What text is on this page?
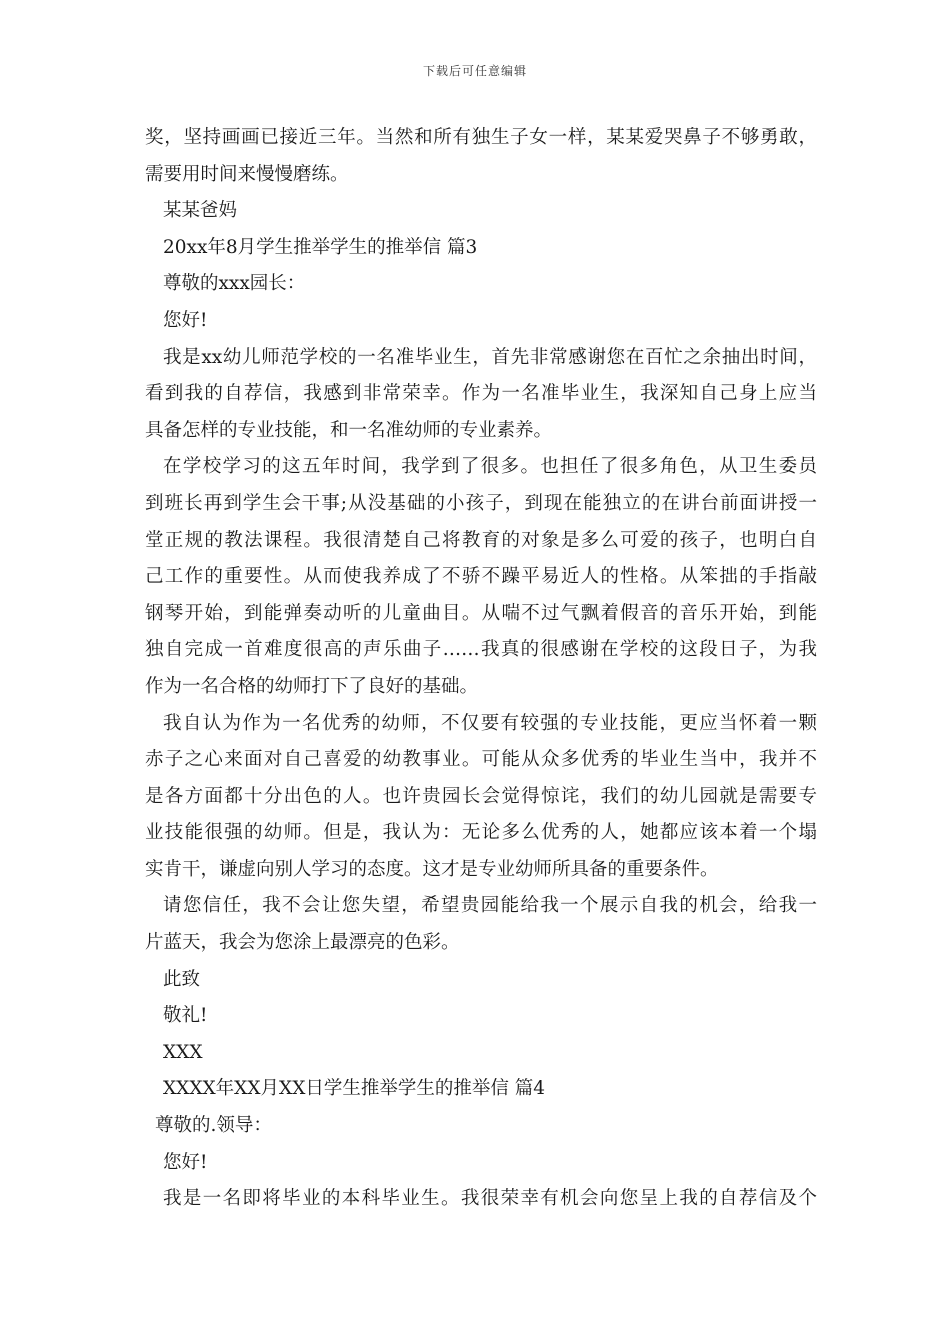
下载后可任意编辑
奖，坚持画画已接近三年。当然和所有独生子女一样，某某爱哭鼻子不够勇敢，
需要用时间来慢慢磨练。
某某爸妈
20xx年8月学生推举学生的推举信 篇3
尊敬的xxx园长：
您好!
我是xx幼儿师范学校的一名准毕业生，首先非常感谢您在百忙之余抽出时间，
看到我的自荐信，我感到非常荣幸。作为一名准毕业生，我深知自己身上应当
具备怎样的专业技能，和一名准幼师的专业素养。
在学校学习的这五年时间，我学到了很多。也担任了很多角色，从卫生委员
到班长再到学生会干事;从没基础的小孩子，到现在能独立的在讲台前面讲授一
堂正规的教法课程。我很清楚自己将教育的对象是多么可爱的孩子，也明白自
己工作的重要性。从而使我养成了不骄不躁平易近人的性格。从笨拙的手指敲
钢琴开始，到能弹奏动听的儿童曲目。从喘不过气飘着假音的音乐开始，到能
独自完成一首难度很高的声乐曲子……我真的很感谢在学校的这段日子，为我
作为一名合格的幼师打下了良好的基础。
我自认为作为一名优秀的幼师，不仅要有较强的专业技能，更应当怀着一颗
赤子之心来面对自己喜爱的幼教事业。可能从众多优秀的毕业生当中，我并不
是各方面都十分出色的人。也许贵园长会觉得惊诧，我们的幼儿园就是需要专
业技能很强的幼师。但是，我认为：无论多么优秀的人，她都应该本着一个塌
实肯干，谦虚向别人学习的态度。这才是专业幼师所具备的重要条件。
请您信任，我不会让您失望，希望贵园能给我一个展示自我的机会，给我一
片蓝天，我会为您涂上最漂亮的色彩。
此致
敬礼!
XXX
XXXX年XX月XX日学生推举学生的推举信 篇4
尊敬的.领导：
您好!
我是一名即将毕业的本科毕业生。我很荣幸有机会向您呈上我的自荐信及个
